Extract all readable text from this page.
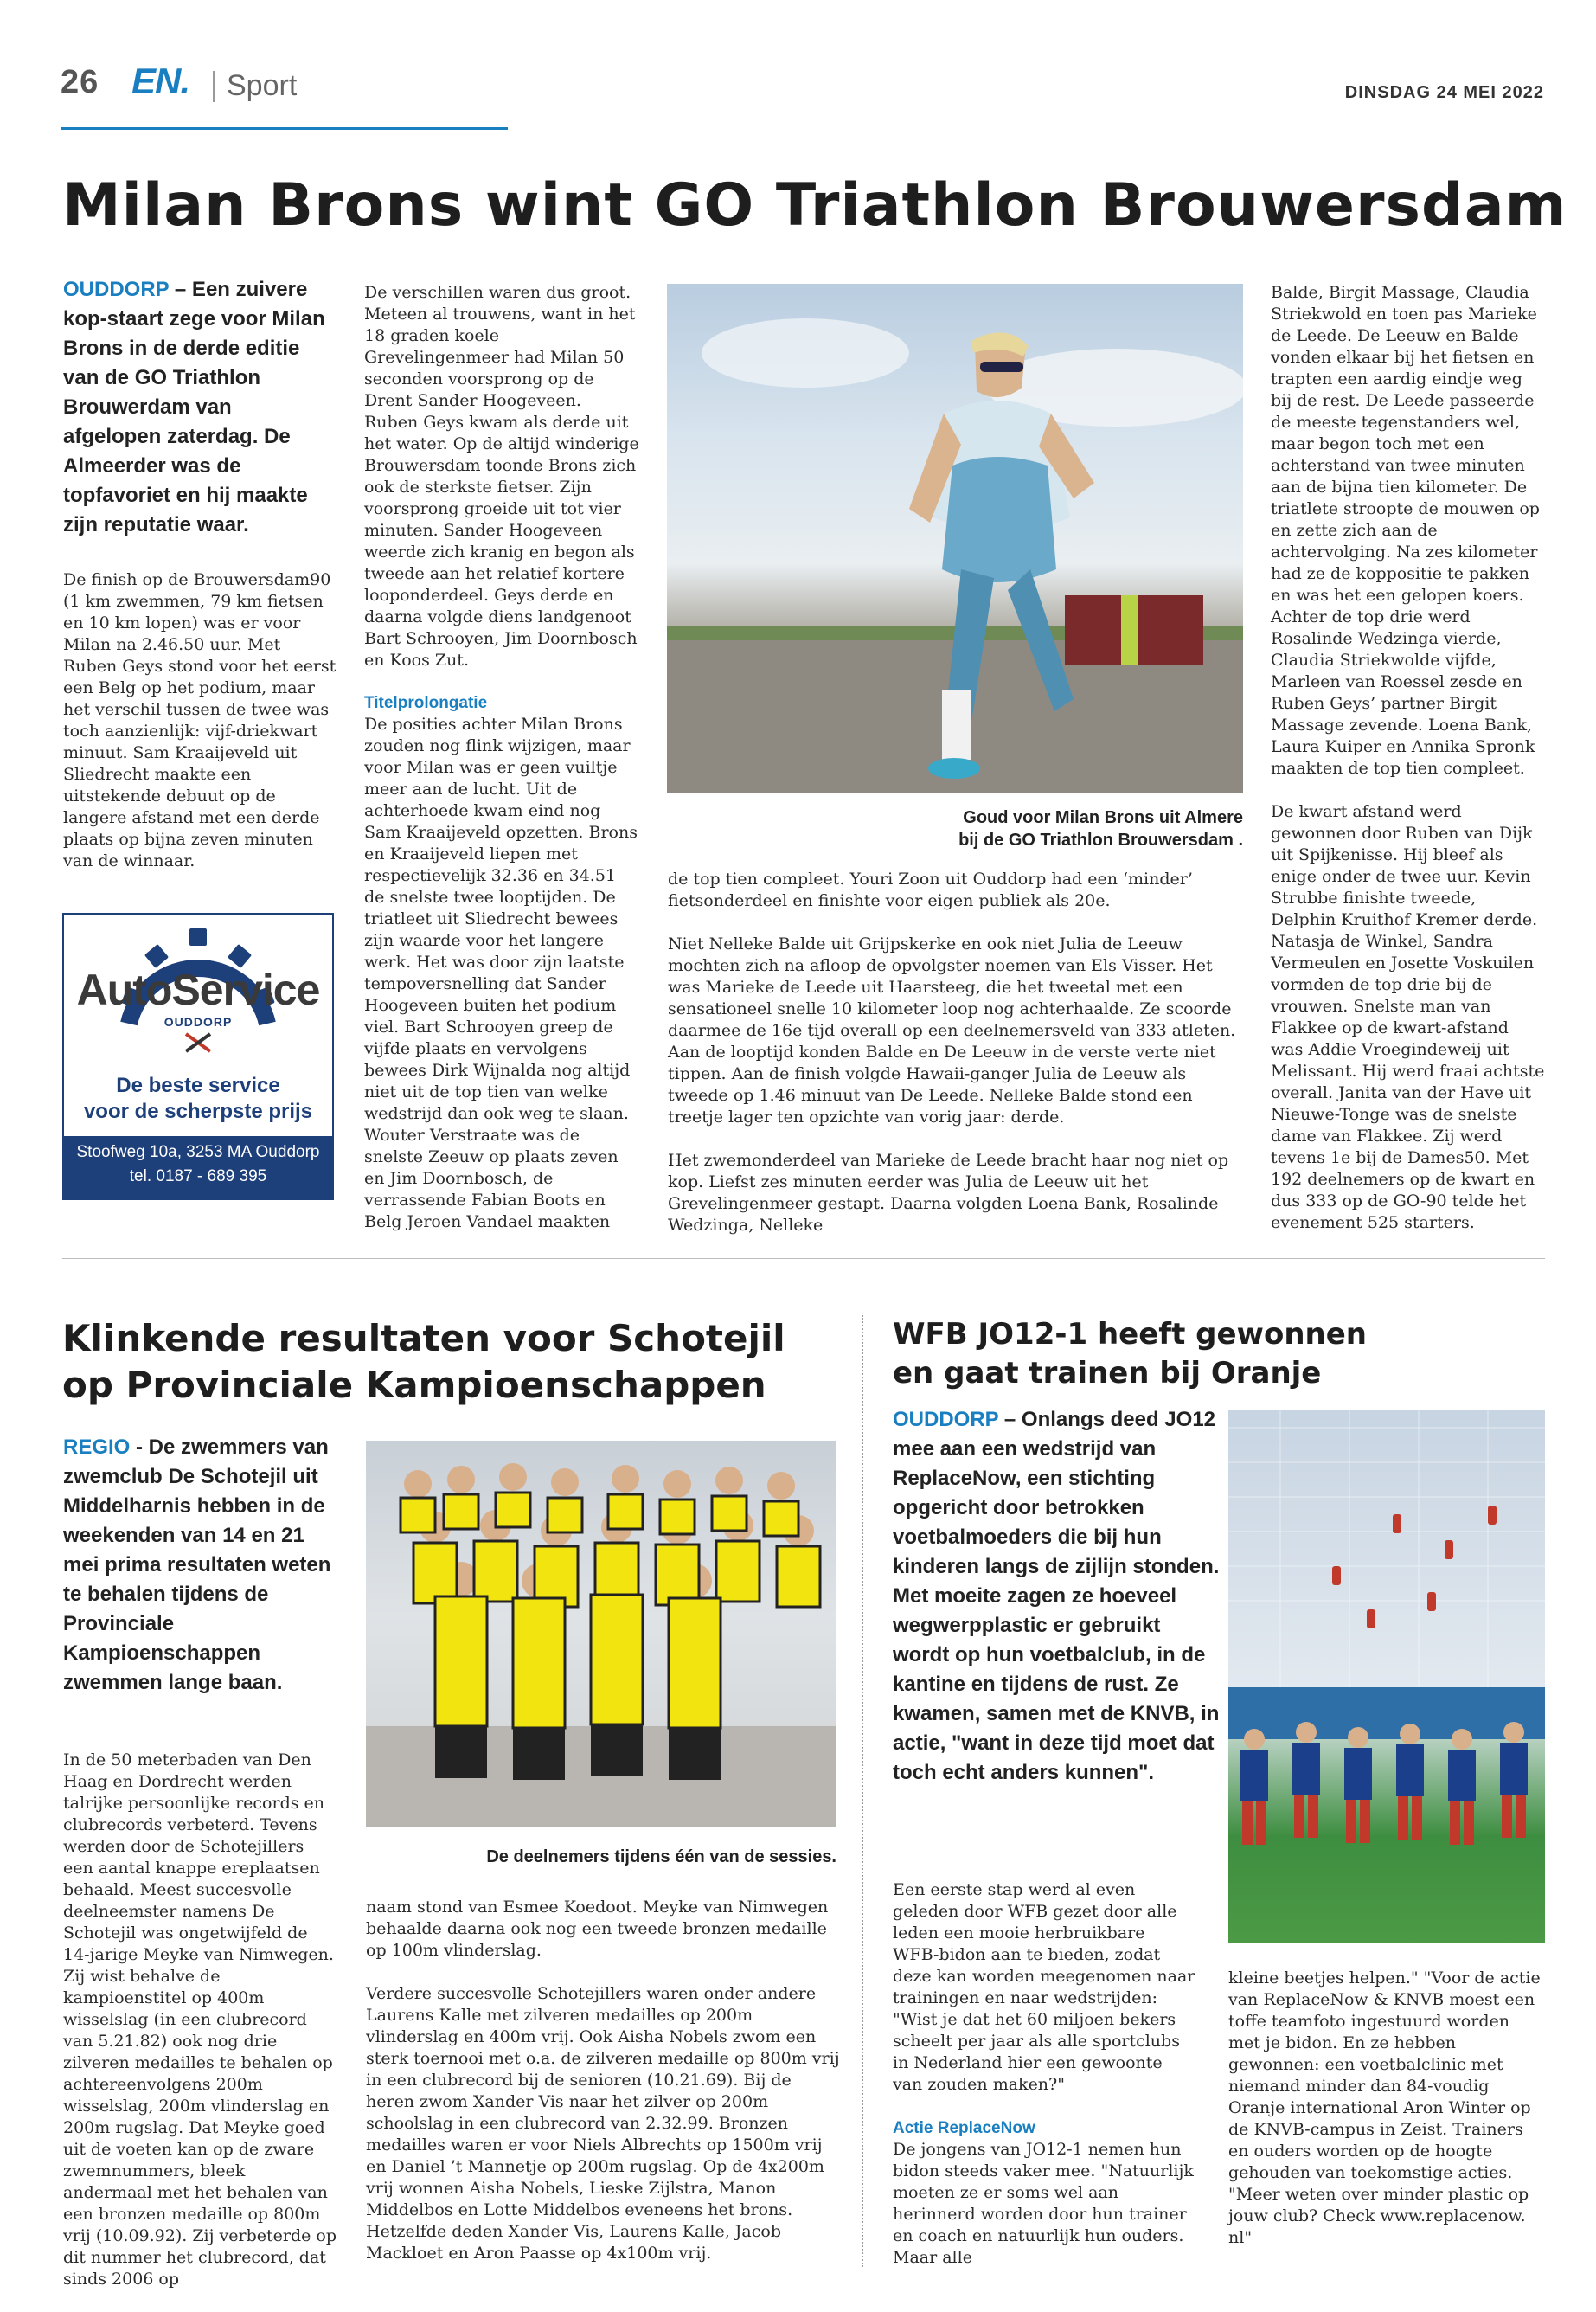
26 EN. Sport	DINSDAG 24 MEI 2022
Milan Brons wint GO Triathlon Brouwersdam
OUDDORP – Een zuivere kop-staart zege voor Milan Brons in de derde editie van de GO Triathlon Brouwerdam van afgelopen zaterdag. De Almeerder was de topfavoriet en hij maakte zijn reputatie waar.

De finish op de Brouwersdam90 (1 km zwemmen, 79 km fietsen en 10 km lopen) was er voor Milan na 2.46.50 uur. Met Ruben Geys stond voor het eerst een Belg op het podium, maar het verschil tussen de twee was toch aanzienlijk: vijf-driekwart minuut. Sam Kraaijeveld uit Sliedrecht maakte een uitstekende debuut op de langere afstand met een derde plaats op bijna zeven minuten van de winnaar.

AutoService
OUDDORP
De beste service
voor de scherpste prijs
Stoofweg 10a, 3253 MA Ouddorp
tel. 0187 - 689 395

De verschillen waren dus groot. Meteen al trouwens, want in het 18 graden koele Grevelingenmeer had Milan 50 seconden voorsprong op de Drent Sander Hoogeveen. Ruben Geys kwam als derde uit het water. Op de altijd winderige Brouwersdam toonde Brons zich ook de sterkste fietser. Zijn voorsprong groeide uit tot vier minuten. Sander Hoogeveen weerde zich kranig en begon als tweede aan het relatief kortere looponderdeel. Geys derde en daarna volgde diens landgenoot Bart Schrooyen, Jim Doornbosch en Koos Zut.

Titelprolongatie

De posities achter Milan Brons zouden nog flink wijzigen, maar voor Milan was er geen vuiltje meer aan de lucht. Uit de achterhoede kwam eind nog Sam Kraaijeveld opzetten. Brons en Kraaijeveld liepen met respectievelijk 32.36 en 34.51 de snelste twee looptijden. De triatleet uit Sliedrecht bewees zijn waarde voor het langere werk. Het was door zijn laatste tempoversnelling dat Sander Hoogeveen buiten het podium viel. Bart Schrooyen greep de vijfde plaats en vervolgens bewees Dirk Wijnalda nog altijd niet uit de top tien van welke wedstrijd dan ook weg te slaan. Wouter Verstraate was de snelste Zeeuw op plaats zeven en Jim Doornbosch, de verrassende Fabian Boots en Belg Jeroen Vandael maakten

Goud voor Milan Brons uit Almere
bij de GO Triathlon Brouwersdam .

de top tien compleet. Youri Zoon uit Ouddorp had een ‘minder’ fietsonderdeel en finishte voor eigen publiek als 20e.

Niet Nelleke Balde uit Grijpskerke en ook niet Julia de Leeuw mochten zich na afloop de opvolgster noemen van Els Visser. Het was Marieke de Leede uit Haarsteeg, die het tweetal met een sensationeel snelle 10 kilometer loop nog achterhaalde. Ze scoorde daarmee de 16e tijd overall op een deelnemersveld van 333 atleten. Aan de looptijd konden Balde en De Leeuw in de verste verte niet tippen. Aan de finish volgde Hawaii-ganger Julia de Leeuw als tweede op 1.46 minuut van De Leede. Nelleke Balde stond een treetje lager ten opzichte van vorig jaar: derde.

Het zwemonderdeel van Marieke de Leede bracht haar nog niet op kop. Liefst zes minuten eerder was Julia de Leeuw uit het Grevelingenmeer gestapt. Daarna volgden Loena Bank, Rosalinde Wedzinga, Nelleke

Balde, Birgit Massage, Claudia Striekwold en toen pas Marieke de Leede. De Leeuw en Balde vonden elkaar bij het fietsen en trapten een aardig eindje weg bij de rest. De Leede passeerde de meeste tegenstanders wel, maar begon toch met een achterstand van twee minuten aan de bijna tien kilometer. De triatlete stroopte de mouwen op en zette zich aan de achtervolging. Na zes kilometer had ze de koppositie te pakken en was het een gelopen koers. Achter de top drie werd Rosalinde Wedzinga vierde, Claudia Striekwolde vijfde, Marleen van Roessel zesde en Ruben Geys’ partner Birgit Massage zevende. Loena Bank, Laura Kuiper en Annika Spronk maakten de top tien compleet.

De kwart afstand werd gewonnen door Ruben van Dijk uit Spijkenisse. Hij bleef als enige onder de twee uur. Kevin Strubbe finishte tweede, Delphin Kruithof Kremer derde. Natasja de Winkel, Sandra Vermeulen en Josette Voskuilen vormden de top drie bij de vrouwen. Snelste man van Flakkee op de kwart-afstand was Addie Vroegindeweij uit Melissant. Hij werd fraai achtste overall. Janita van der Have uit Nieuwe-Tonge was de snelste dame van Flakkee. Zij werd tevens 1e bij de Dames50. Met 192 deelnemers op de kwart en dus 333 op de GO-90 telde het evenement 525 starters.

Klinkende resultaten voor Schotejil
op Provinciale Kampioenschappen
REGIO - De zwemmers van zwemclub De Schotejil uit Middelharnis hebben in de weekenden van 14 en 21 mei prima resultaten weten te behalen tijdens de Provinciale Kampioenschappen zwemmen lange baan.

In de 50 meterbaden van Den Haag en Dordrecht werden talrijke persoonlijke records en clubrecords verbeterd. Tevens werden door de Schotejillers een aantal knappe ereplaatsen behaald. Meest succesvolle deelneemster namens De Schotejil was ongetwijfeld de 14-jarige Meyke van Nimwegen. Zij wist behalve de kampioenstitel op 400m wisselslag (in een clubrecord van 5.21.82) ook nog drie zilveren medailles te behalen op achtereenvolgens 200m wisselslag, 200m vlinderslag en 200m rugslag. Dat Meyke goed uit de voeten kan op de zware zwemnummers, bleek andermaal met het behalen van een bronzen medaille op 800m vrij (10.09.92). Zij verbeterde op dit nummer het clubrecord, dat sinds 2006 op

De deelnemers tijdens één van de sessies.

naam stond van Esmee Koedoot. Meyke van Nimwegen behaalde daarna ook nog een tweede bronzen medaille op 100m vlinderslag.

Verdere succesvolle Schotejillers waren onder andere Laurens Kalle met zilveren medailles op 200m vlinderslag en 400m vrij. Ook Aisha Nobels zwom een sterk toernooi met o.a. de zilveren medaille op 800m vrij in een clubrecord bij de senioren (10.21.69). Bij de heren zwom Xander Vis naar het zilver op 200m schoolslag in een clubrecord van 2.32.99. Bronzen medailles waren er voor Niels Albrechts op 1500m vrij en Daniel ’t Mannetje op 200m rugslag. Op de 4x200m vrij wonnen Aisha Nobels, Lieske Zijlstra, Manon Middelbos en Lotte Middelbos eveneens het brons. Hetzelfde deden Xander Vis, Laurens Kalle, Jacob Mackloet en Aron Paasse op 4x100m vrij.

WFB JO12-1 heeft gewonnen
en gaat trainen bij Oranje
OUDDORP – Onlangs deed JO12 mee aan een wedstrijd van ReplaceNow, een stichting opgericht door betrokken voetbalmoeders die bij hun kinderen langs de zijlijn stonden. Met moeite zagen ze hoeveel wegwerpplastic er gebruikt wordt op hun voetbalclub, in de kantine en tijdens de rust. Ze kwamen, samen met de KNVB, in actie, "want in deze tijd moet dat toch echt anders kunnen".

Een eerste stap werd al even geleden door WFB gezet door alle leden een mooie herbruikbare WFB-bidon aan te bieden, zodat deze kan worden meegenomen naar trainingen en naar wedstrijden: "Wist je dat het 60 miljoen bekers scheelt per jaar als alle sportclubs in Nederland hier een gewoonte van zouden maken?"

Actie ReplaceNow

De jongens van JO12-1 nemen hun bidon steeds vaker mee. "Natuurlijk moeten ze er soms wel aan herinnerd worden door hun trainer en coach en natuurlijk hun ouders. Maar alle

kleine beetjes helpen." "Voor de actie van ReplaceNow & KNVB moest een toffe teamfoto ingestuurd worden met je bidon. En ze hebben gewonnen: een voetbalclinic met niemand minder dan 84-voudig Oranje international Aron Winter op de KNVB-campus in Zeist. Trainers en ouders worden op de hoogte gehouden van toekomstige acties. "Meer weten over minder plastic op jouw club? Check www.replacenow. nl"
